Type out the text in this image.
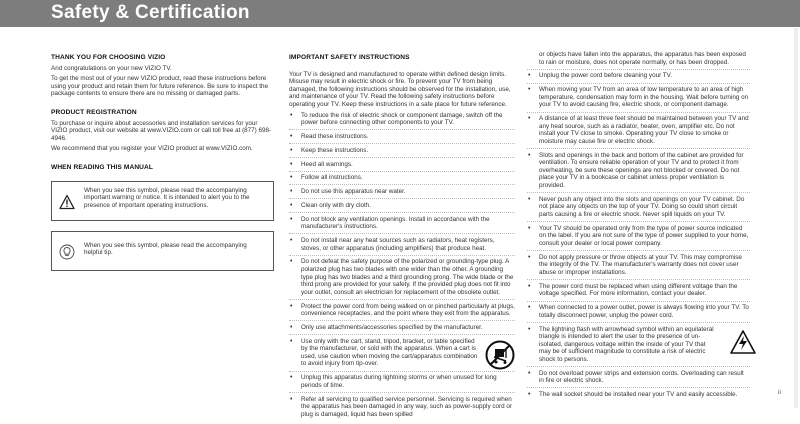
Safety & Certification
THANK YOU FOR CHOOSING VIZIO

And congratulations on your new VIZIO TV.

To get the most out of your new VIZIO product, read these instructions before using your product and retain them for future reference. Be sure to inspect the package contents to ensure there are no missing or damaged parts.

PRODUCT REGISTRATION

To purchase or inquire about accessories and installation services for your VIZIO product, visit our website at www.VIZIO.com or call toll free at (877) 698-4946.

We recommend that you register your VIZIO product at www.VIZIO.com.

WHEN READING THIS MANUAL
When you see this symbol, please read the accompanying important warning or notice. It is intended to alert you to the presence of important operating instructions.
When you see this symbol, please read the accompanying helpful tip.
IMPORTANT SAFETY INSTRUCTIONS

Your TV is designed and manufactured to operate within defined design limits. Misuse may result in electric shock or fire. To prevent your TV from being damaged, the following instructions should be observed for the installation, use, and maintenance of your TV. Read the following safety instructions before operating your TV. Keep these instructions in a safe place for future reference.

• To reduce the risk of electric shock or component damage, switch off the power before connecting other components to your TV.
• Read these instructions.
• Keep these instructions.
• Heed all warnings.
• Follow all instructions.
• Do not use this apparatus near water.
• Clean only with dry cloth.
• Do not block any ventilation openings. Install in accordance with the manufacturer's instructions.
• Do not install near any heat sources such as radiators, heat registers, stoves, or other apparatus (including amplifiers) that produce heat.
• Do not defeat the safety purpose of the polarized or grounding-type plug. A polarized plug has two blades with one wider than the other. A grounding type plug has two blades and a third grounding prong. The wide blade or the third prong are provided for your safety. If the provided plug does not fit into your outlet, consult an electrician for replacement of the obsolete outlet.
• Protect the power cord from being walked on or pinched particularly at plugs, convenience receptacles, and the point where they exit from the apparatus.
• Only use attachments/accessories specified by the manufacturer.
• Use only with the cart, stand, tripod, bracket, or table specified by the manufacturer, or sold with the apparatus. When a cart is used, use caution when moving the cart/apparatus combination to avoid injury from tip-over.
• Unplug this apparatus during lightning storms or when unused for long periods of time.
• Refer all servicing to qualified service personnel. Servicing is required when the apparatus has been damaged in any way, such as power-supply cord or plug is damaged, liquid has been spilled
or objects have fallen into the apparatus, the apparatus has been exposed to rain or moisture, does not operate normally, or has been dropped.
• Unplug the power cord before cleaning your TV.
• When moving your TV from an area of low temperature to an area of high temperature, condensation may form in the housing. Wait before turning on your TV to avoid causing fire, electric shock, or component damage.
• A distance of at least three feet should be maintained between your TV and any heat source, such as a radiator, heater, oven, amplifier etc. Do not install your TV close to smoke. Operating your TV close to smoke or moisture may cause fire or electric shock.
• Slots and openings in the back and bottom of the cabinet are provided for ventilation. To ensure reliable operation of your TV and to protect it from overheating, be sure these openings are not blocked or covered. Do not place your TV in a bookcase or cabinet unless proper ventilation is provided.
• Never push any object into the slots and openings on your TV cabinet. Do not place any objects on the top of your TV. Doing so could short circuit parts causing a fire or electric shock. Never spill liquids on your TV.
• Your TV should be operated only from the type of power source indicated on the label. If you are not sure of the type of power supplied to your home, consult your dealer or local power company.
• Do not apply pressure or throw objects at your TV. This may compromise the integrity of the TV. The manufacturer's warranty does not cover user abuse or improper installations.
• The power cord must be replaced when using different voltage than the voltage specified. For more information, contact your dealer.
• When connected to a power outlet, power is always flowing into your TV. To totally disconnect power, unplug the power cord.
• The lightning flash with arrowhead symbol within an equilateral triangle is intended to alert the user to the presence of un-isolated, dangerous voltage within the inside of your TV that may be of sufficient magnitude to constitute a risk of electric shock to persons.
• Do not overload power strips and extension cords. Overloading can result in fire or electric shock.
• The wall socket should be installed near your TV and easily accessible.	ii
